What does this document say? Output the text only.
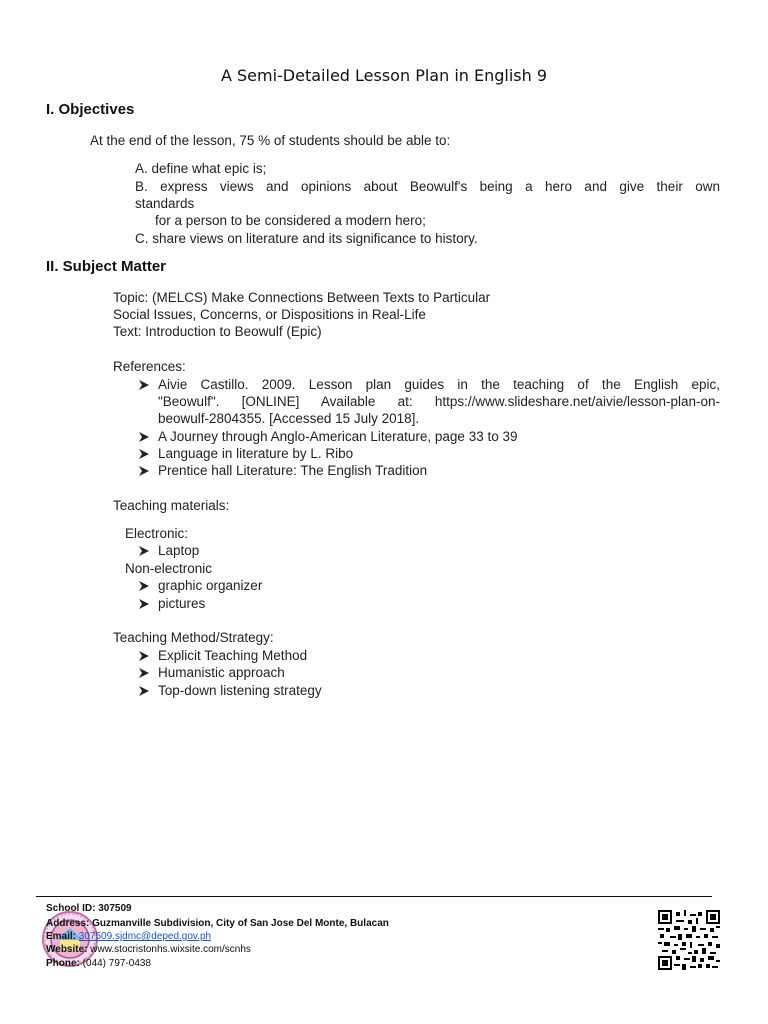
A Semi-Detailed Lesson Plan in English 9
I. Objectives
At the end of the lesson, 75 % of students should be able to:
A. define what epic is;
B. express views and opinions about Beowulf's being a hero and give their own
standards
for a person to be considered a modern hero;
C. share views on literature and its significance to history.
II. Subject Matter
Topic: (MELCS) Make Connections Between Texts to Particular
Social Issues, Concerns, or Dispositions in Real-Life
Text: Introduction to Beowulf (Epic)
References:
Aivie Castillo. 2009. Lesson plan guides in the teaching of the English epic,
"Beowulf". [ONLINE] Available at: https://www.slideshare.net/aivie/lesson-plan-on-
beowulf-2804355. [Accessed 15 July 2018].
A Journey through Anglo-American Literature, page 33 to 39
Language in literature by L. Ribo
Prentice hall Literature: The English Tradition
Teaching materials:
Electronic:
Laptop
Non-electronic
graphic organizer
pictures
Teaching Method/Strategy:
Explicit Teaching Method
Humanistic approach
Top-down listening strategy
School ID: 307509
Address: Guzmanville Subdivision, City of San Jose Del Monte, Bulacan
Email: 307509.sjdmc@deped.gov.ph
Website: www.stocristonhs.wixsite.com/scnhs
Phone: (044) 797-0438
